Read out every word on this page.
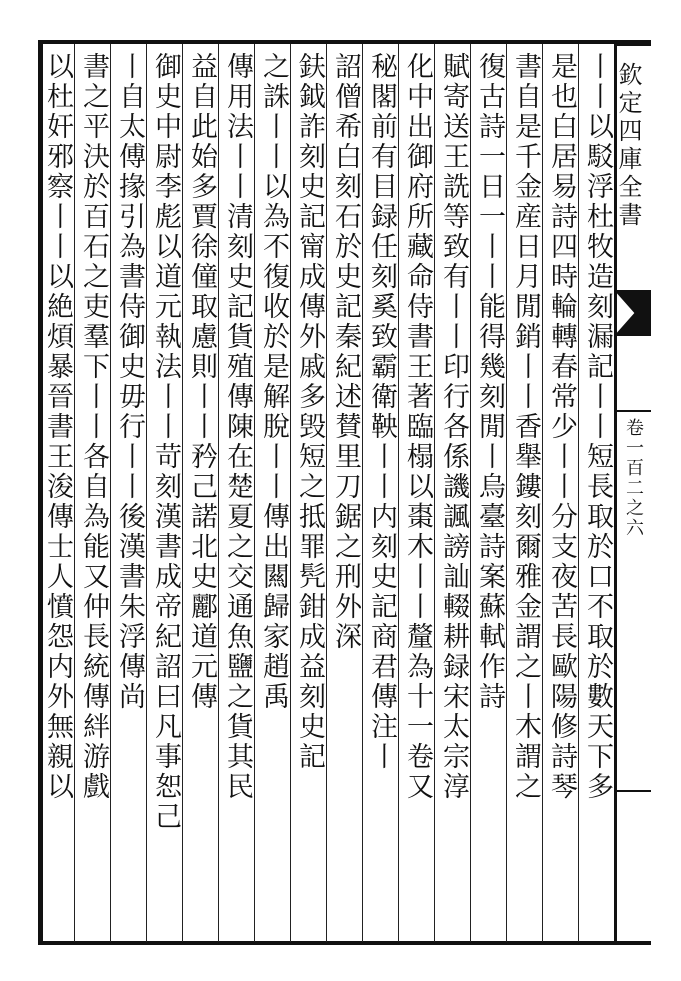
欽定四庫全書
卷一百二之六
丨丨以駁浮杜牧造刻漏記丨丨短長取於口不取於數天下多
是也白居易詩四時輪轉春常少丨丨分支夜苦長歐陽修詩琴
書自是千金産日月閒銷丨丨香𦦙鏤刻爾雅金謂之丨木謂之
復古詩一日一丨丨能得幾刻閒丨烏臺詩案蘇軾作詩
賦寄送王詵等致有丨丨印行各係譏諷謗訕輟耕録宋太宗淳
化中出御府所藏命侍書王著臨榻以棗木丨丨釐為十一卷又
秘閣前有目録任刻奚致霸衛鞅丨丨内刻史記商君傳注丨
詔僧希白刻石於史記秦紀述賛里刀鋸之刑外深
鈇鉞詐刻史記甯成傳外戚多毁短之抵罪髠鉗成益刻史記
之誅丨丨以為不復收於是解脫丨丨傳出闗歸家趙禹
傳用法丨丨清刻史記貨殖傳陳在楚夏之交通魚鹽之貨其民
益自此始多賈徐僮取慮則丨丨矜己諾北史酈道元傳
御史中尉李彪以道元執法丨丨苛刻漢書成帝紀詔曰凡事恕己
丨自太傅掾引為書侍御史毋行丨丨後漢書朱浮傳尚
書之平決於百石之吏羣下丨丨各自為能又仲長統傳絆游戲
以杜奸邪察丨丨以絶煩暴晉書王浚傳士人憤怨内外無親以
